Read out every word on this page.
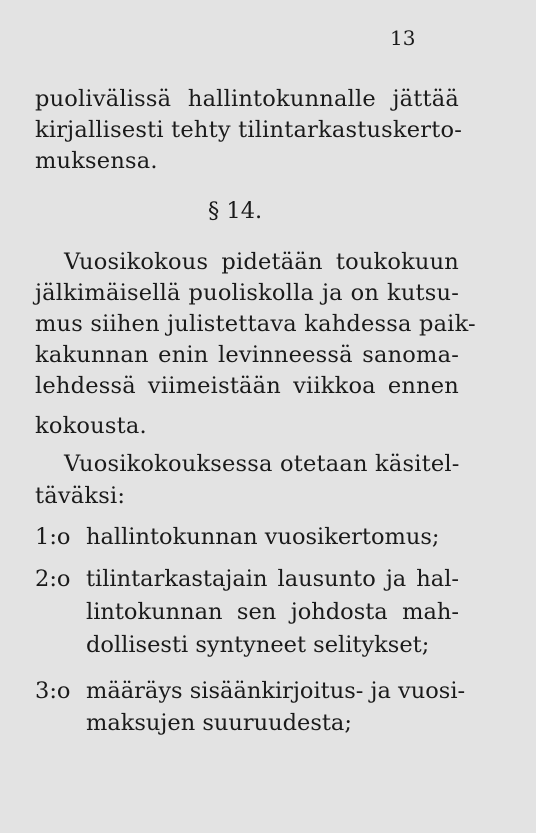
13
puolivälissä hallintokunnalle jättää
kirjallisesti tehty tilintarkastuskerto-
muksensa.
§ 14.
Vuosikokous pidetään toukokuun
jälkimäisellä puoliskolla ja on kutsu-
mus siihen julistettava kahdessa paik-
kakunnan enin levinneessä sanoma-
lehdessä viimeistään viikkoa ennen
kokousta.
Vuosikokouksessa otetaan käsitel-
täväksi:
1:o hallintokunnan vuosikertomus;
2:o tilintarkastajain lausunto ja hal-
lintokunnan sen johdosta mah-
dollisesti syntyneet selitykset;
3:o määräys sisäänkirjoitus- ja vuosi-
maksujen suuruudesta;
